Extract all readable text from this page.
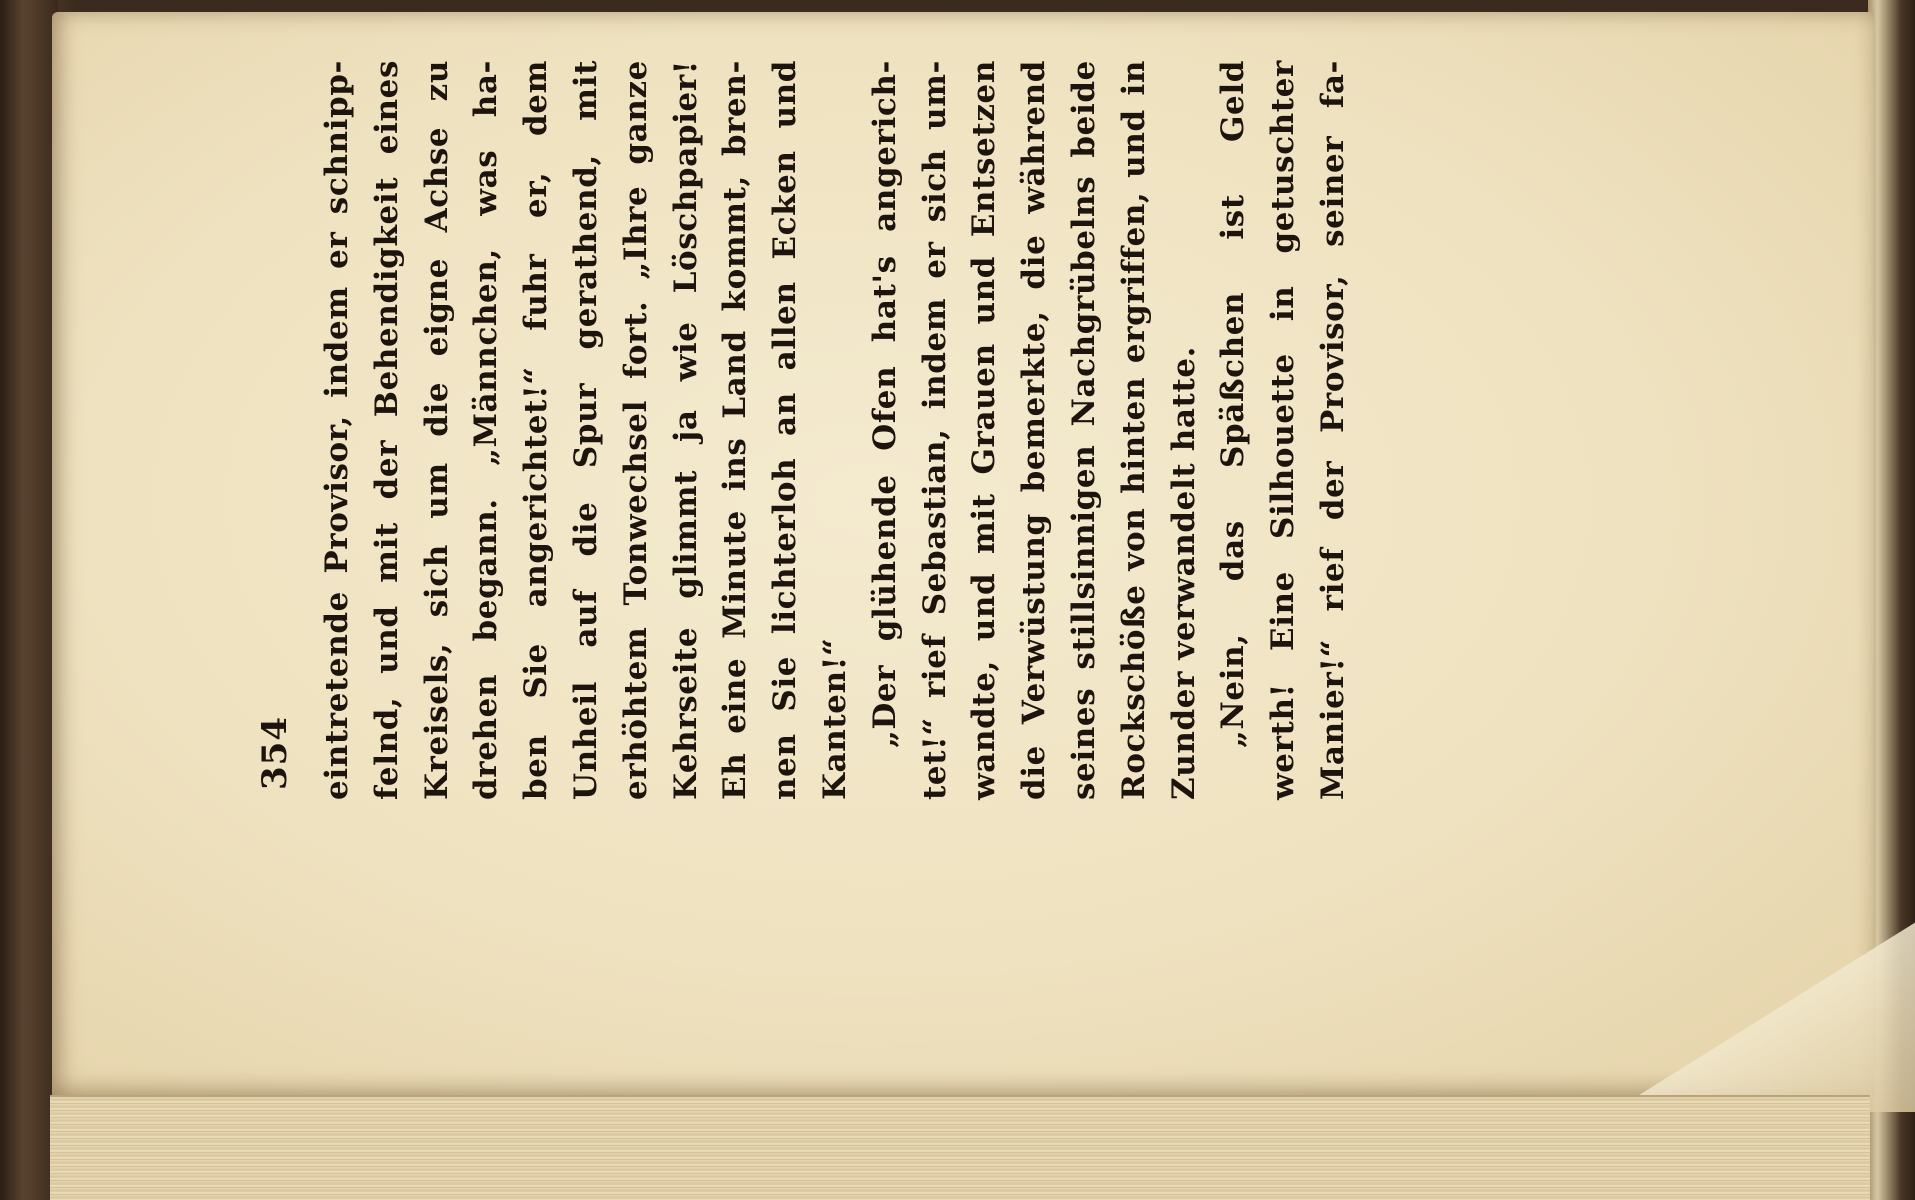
354 eintretende Provisor, indem er schnipp- felnd, und mit der Behendigkeit eines Kreisels, sich um die eigne Achse zu drehen begann. „Männchen, was ha- ben Sie angerichtet!“ fuhr er, dem Unheil auf die Spur gerathend, mit erhöhtem Tonwechsel fort. „Ihre ganze Kehrseite glimmt ja wie Löschpapier! Eh eine Minute ins Land kommt, bren- nen Sie lichterloh an allen Ecken und Kanten!“ „Der glühende Ofen hat's angerich- tet!“ rief Sebastian, indem er sich um- wandte, und mit Grauen und Entsetzen die Verwüstung bemerkte, die während seines stillsinnigen Nachgrübelns beide Rockschöße von hinten ergriffen, und in Zunder verwandelt hatte. „Nein, das Späßchen ist Geld werth! Eine Silhouette in getuschter Manier!“ rief der Provisor, seiner fa-
